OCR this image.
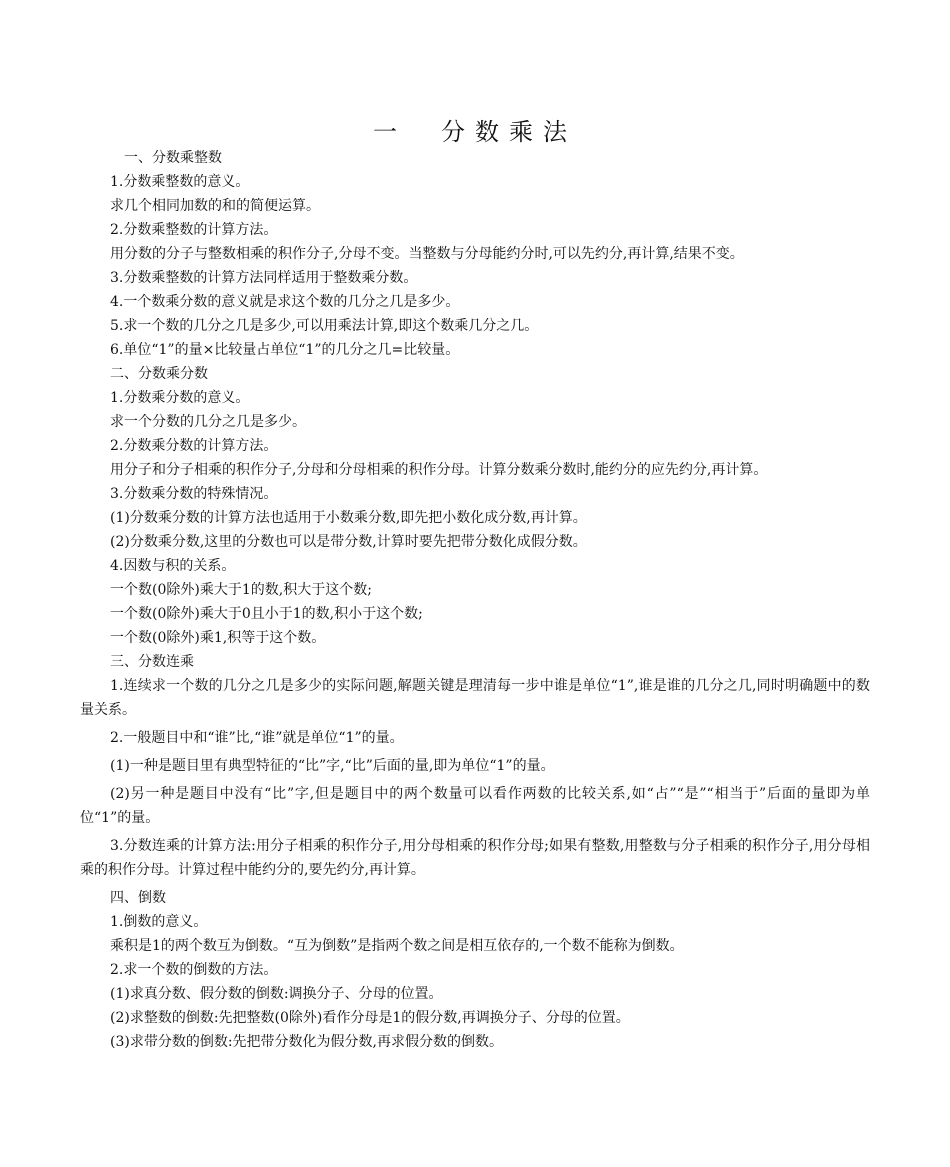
一　分数乘法
一、分数乘整数
1.分数乘整数的意义。
求几个相同加数的和的简便运算。
2.分数乘整数的计算方法。
用分数的分子与整数相乘的积作分子,分母不变。当整数与分母能约分时,可以先约分,再计算,结果不变。
3.分数乘整数的计算方法同样适用于整数乘分数。
4.一个数乘分数的意义就是求这个数的几分之几是多少。
5.求一个数的几分之几是多少,可以用乘法计算,即这个数乘几分之几。
6.单位“1”的量×比较量占单位“1”的几分之几=比较量。
二、分数乘分数
1.分数乘分数的意义。
求一个分数的几分之几是多少。
2.分数乘分数的计算方法。
用分子和分子相乘的积作分子,分母和分母相乘的积作分母。计算分数乘分数时,能约分的应先约分,再计算。
3.分数乘分数的特殊情况。
(1)分数乘分数的计算方法也适用于小数乘分数,即先把小数化成分数,再计算。
(2)分数乘分数,这里的分数也可以是带分数,计算时要先把带分数化成假分数。
4.因数与积的关系。
一个数(0除外)乘大于1的数,积大于这个数;
一个数(0除外)乘大于0且小于1的数,积小于这个数;
一个数(0除外)乘1,积等于这个数。
三、分数连乘
1.连续求一个数的几分之几是多少的实际问题,解题关键是理清每一步中谁是单位“1”,谁是谁的几分之几,同时明确题中的数量关系。
2.一般题目中和“谁”比,“谁”就是单位“1”的量。
(1)一种是题目里有典型特征的“比”字,“比”后面的量,即为单位“1”的量。
(2)另一种是题目中没有“比”字,但是题目中的两个数量可以看作两数的比较关系,如“占”“是”“相当于”后面的量即为单位“1”的量。
3.分数连乘的计算方法:用分子相乘的积作分子,用分母相乘的积作分母;如果有整数,用整数与分子相乘的积作分子,用分母相乘的积作分母。计算过程中能约分的,要先约分,再计算。
四、倒数
1.倒数的意义。
乘积是1的两个数互为倒数。“互为倒数”是指两个数之间是相互依存的,一个数不能称为倒数。
2.求一个数的倒数的方法。
(1)求真分数、假分数的倒数:调换分子、分母的位置。
(2)求整数的倒数:先把整数(0除外)看作分母是1的假分数,再调换分子、分母的位置。
(3)求带分数的倒数:先把带分数化为假分数,再求假分数的倒数。
